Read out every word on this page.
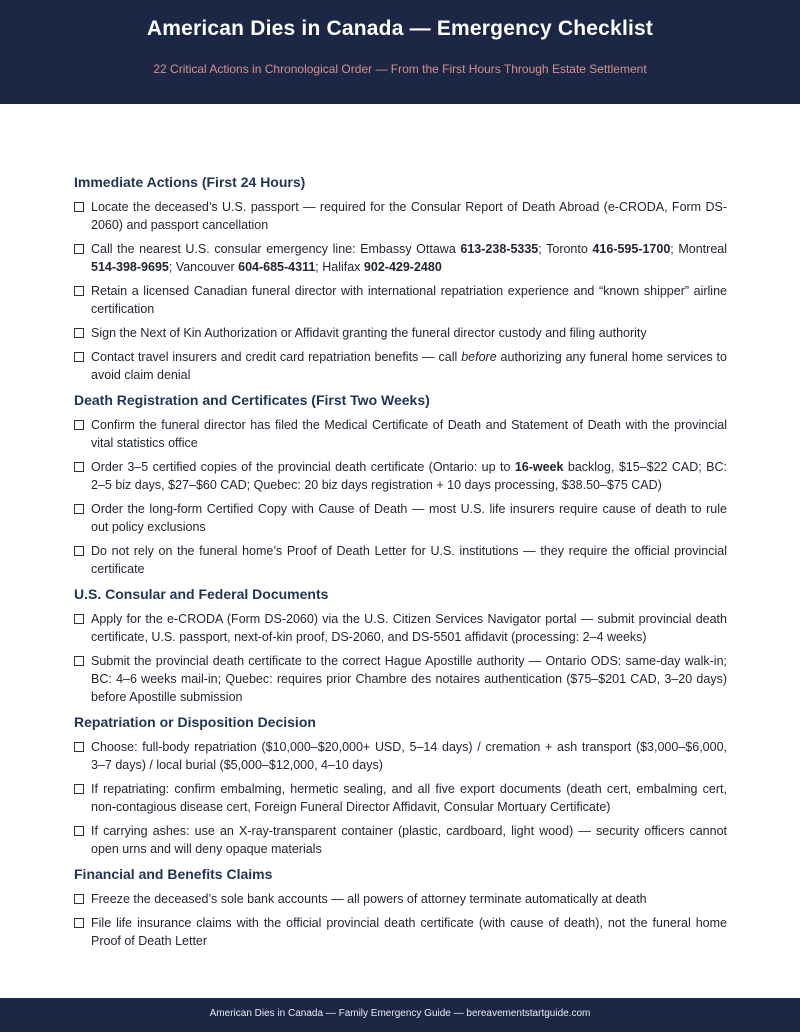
American Dies in Canada — Emergency Checklist
22 Critical Actions in Chronological Order — From the First Hours Through Estate Settlement
Immediate Actions (First 24 Hours)
Locate the deceased’s U.S. passport — required for the Consular Report of Death Abroad (e-CRODA, Form DS-2060) and passport cancellation
Call the nearest U.S. consular emergency line: Embassy Ottawa 613-238-5335; Toronto 416-595-1700; Montreal 514-398-9695; Vancouver 604-685-4311; Halifax 902-429-2480
Retain a licensed Canadian funeral director with international repatriation experience and “known shipper” airline certification
Sign the Next of Kin Authorization or Affidavit granting the funeral director custody and filing authority
Contact travel insurers and credit card repatriation benefits — call before authorizing any funeral home services to avoid claim denial
Death Registration and Certificates (First Two Weeks)
Confirm the funeral director has filed the Medical Certificate of Death and Statement of Death with the provincial vital statistics office
Order 3–5 certified copies of the provincial death certificate (Ontario: up to 16-week backlog, $15–$22 CAD; BC: 2–5 biz days, $27–$60 CAD; Quebec: 20 biz days registration + 10 days processing, $38.50–$75 CAD)
Order the long-form Certified Copy with Cause of Death — most U.S. life insurers require cause of death to rule out policy exclusions
Do not rely on the funeral home’s Proof of Death Letter for U.S. institutions — they require the official provincial certificate
U.S. Consular and Federal Documents
Apply for the e-CRODA (Form DS-2060) via the U.S. Citizen Services Navigator portal — submit provincial death certificate, U.S. passport, next-of-kin proof, DS-2060, and DS-5501 affidavit (processing: 2–4 weeks)
Submit the provincial death certificate to the correct Hague Apostille authority — Ontario ODS: same-day walk-in; BC: 4–6 weeks mail-in; Quebec: requires prior Chambre des notaires authentication ($75–$201 CAD, 3–20 days) before Apostille submission
Repatriation or Disposition Decision
Choose: full-body repatriation ($10,000–$20,000+ USD, 5–14 days) / cremation + ash transport ($3,000–$6,000, 3–7 days) / local burial ($5,000–$12,000, 4–10 days)
If repatriating: confirm embalming, hermetic sealing, and all five export documents (death cert, embalming cert, non-contagious disease cert, Foreign Funeral Director Affidavit, Consular Mortuary Certificate)
If carrying ashes: use an X-ray-transparent container (plastic, cardboard, light wood) — security officers cannot open urns and will deny opaque materials
Financial and Benefits Claims
Freeze the deceased’s sole bank accounts — all powers of attorney terminate automatically at death
File life insurance claims with the official provincial death certificate (with cause of death), not the funeral home Proof of Death Letter
American Dies in Canada — Family Emergency Guide — bereavementstartguide.com
